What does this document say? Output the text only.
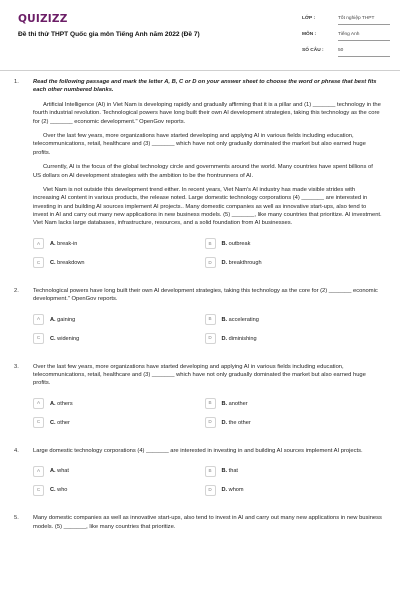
QUIZIZZ
Đề thi thử THPT Quốc gia môn Tiếng Anh năm 2022 (Đề 7)
LỚP :	Tốt nghiệp THPT
MÔN :	Tiếng Anh
SỐ CÂU :	50
1. Read the following passage and mark the letter A, B, C or D on your answer sheet to choose the word or phrase that best fits each other numbered blanks.

Artificial Intelligence (AI) in Viet Nam is developing rapidly and gradually affirming that it is a pillar and (1) _______ technology in the fourth industrial revolution. Technological powers have long built their own AI development strategies, taking this technology as the core for (2) _______ economic development." OpenGov reports.

Over the last few years, more organizations have started developing and applying AI in various fields including education, telecommunications, retail, healthcare and (3) _______ which have not only gradually dominated the market but also earned huge profits.

Currently, AI is the focus of the global technology circle and governments around the world. Many countries have spent billions of US dollars on AI development strategies with the ambition to be the frontrunners of AI.

Viet Nam is not outside this development trend either. In recent years, Viet Nam's AI industry has made visible strides with increasing AI content in various products, the release noted. Large domestic technology corporations (4) _______ are interested in investing in and building AI sources implement AI projects.. Many domestic companies as well as innovative start-ups, also tend to invest in AI and carry out many new applications in new business models. (5) _______, like many countries that prioritize. AI investment. Viet Nam lacks large databases, infrastructure, resources, and a solid foundation from AI businesses.

A	A. break-in	B	B. outbreak
C	C. breakdown	D	D. breakthrough
2. Technological powers have long built their own AI development strategies, taking this technology as the core for (2) _______ economic development." OpenGov reports.
A	A. gaining	B	B. accelerating
C	C. widening	D	D. diminishing
3. Over the last few years, more organizations have started developing and applying AI in various fields including education, telecommunications, retail, healthcare and (3) _______ which have not only gradually dominated the market but also earned huge profits.
A	A. others	B	B. another
C	C. other	D	D. the other
4. Large domestic technology corporations (4) _______ are interested in investing in and building AI sources implement AI projects.
A	A. what	B	B. that
C	C. who	D	D. whom
5. Many domestic companies as well as innovative start-ups, also tend to invest in AI and carry out many new applications in new business models. (5) _______, like many countries that prioritize.
